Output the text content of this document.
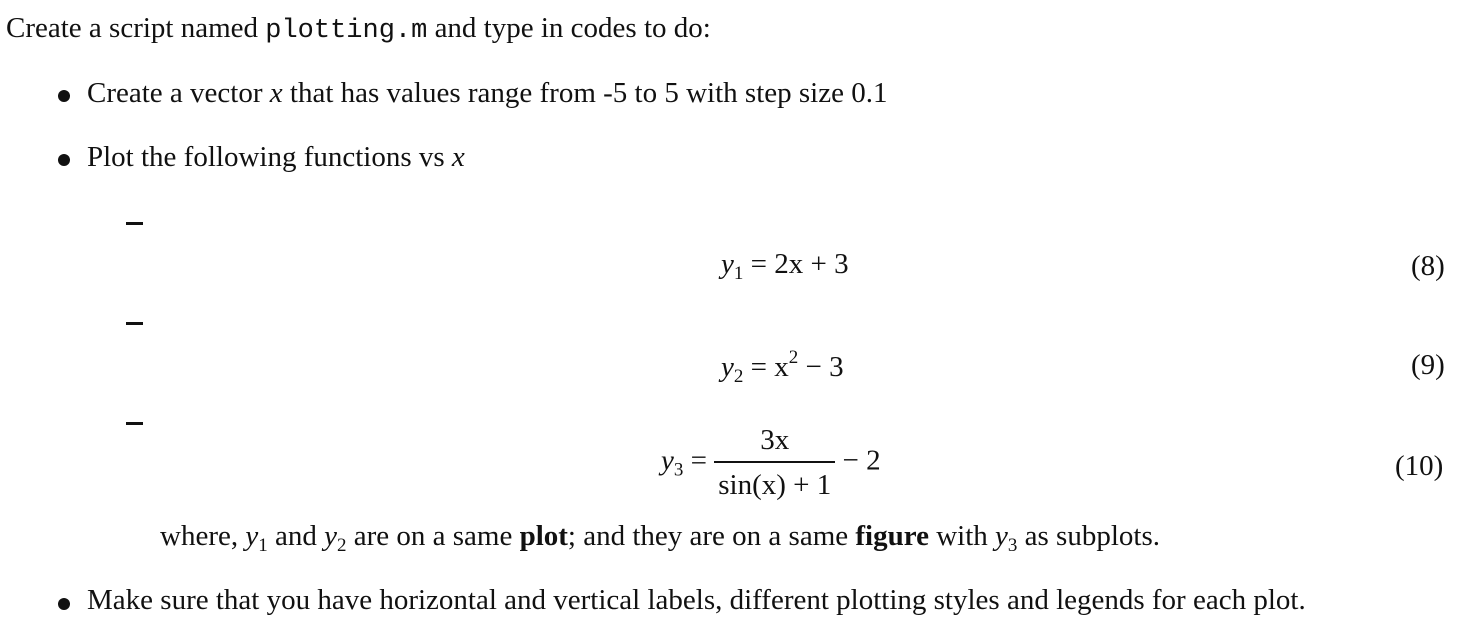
Create a script named plotting.m and type in codes to do:
Create a vector x that has values range from -5 to 5 with step size 0.1
Plot the following functions vs x
$y_1 = 2x + 3$	(8)
$y_2 = x^2 - 3$	(9)
$y_3 = \frac{3x}{\sin(x) + 1} - 2$	(10)
where, $y_1$ and $y_2$ are on a same plot; and they are on a same figure with $y_3$ as subplots.
Make sure that you have horizontal and vertical labels, different plotting styles and legends for each plot.
